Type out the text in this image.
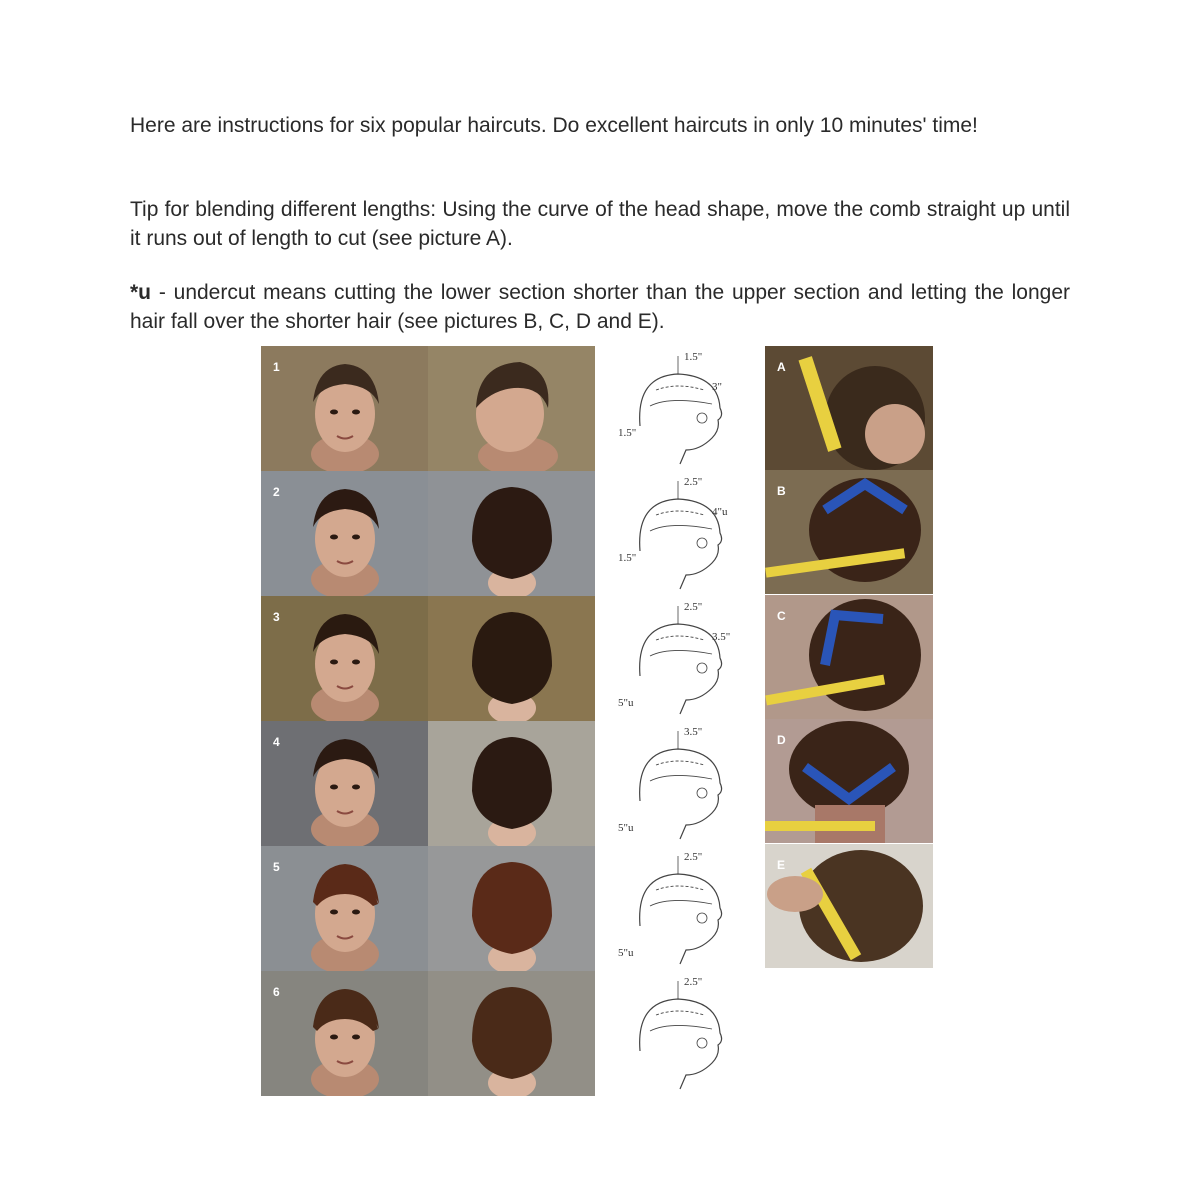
Here are instructions for six popular haircuts. Do excellent haircuts in only 10 minutes' time!
Tip for blending different lengths: Using the curve of the head shape, move the comb straight up until it runs out of length to cut (see picture A).
*u - undercut means cutting the lower section shorter than the upper section and letting the longer hair fall over the shorter hair (see pictures B, C, D and E).
1
2
3
4
5
6
1.5"
3"
1.5"
2.5"
4"u
1.5"
2.5"
3.5"
5"u
3.5"
5"u
2.5"
5"u
2.5"
A
B
C
D
E
